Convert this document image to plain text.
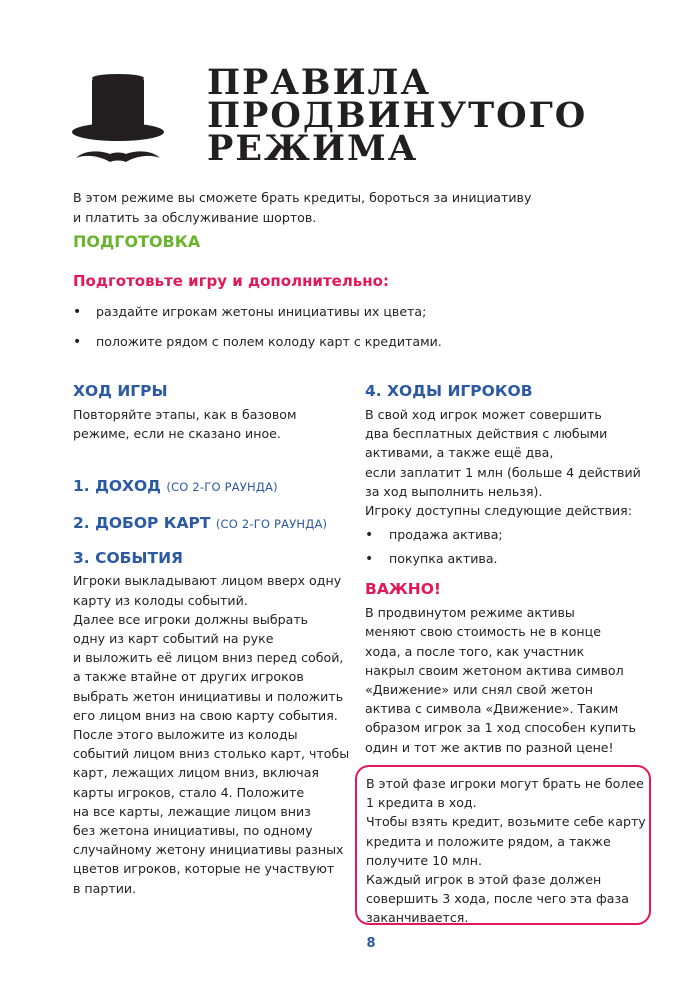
ПРАВИЛА
ПРОДВИНУТОГО
РЕЖИМА
В этом режиме вы сможете брать кредиты, бороться за инициативу
и платить за обслуживание шортов.
ПОДГОТОВКА
Подготовьте игру и дополнительно:
• раздайте игрокам жетоны инициативы их цвета;
• положите рядом с полем колоду карт с кредитами.
ХОД ИГРЫ
Повторяйте этапы, как в базовом
режиме, если не сказано иное.
1. ДОХОД (СО 2-ГО РАУНДА)
2. ДОБОР КАРТ (СО 2-ГО РАУНДА)
3. СОБЫТИЯ
Игроки выкладывают лицом вверх одну
карту из колоды событий.
Далее все игроки должны выбрать
одну из карт событий на руке
и выложить её лицом вниз перед собой,
а также втайне от других игроков
выбрать жетон инициативы и положить
его лицом вниз на свою карту события.
После этого выложите из колоды
событий лицом вниз столько карт, чтобы
карт, лежащих лицом вниз, включая
карты игроков, стало 4. Положите
на все карты, лежащие лицом вниз
без жетона инициативы, по одному
случайному жетону инициативы разных
цветов игроков, которые не участвуют
в партии.
4. ХОДЫ ИГРОКОВ
В свой ход игрок может совершить
два бесплатных действия с любыми
активами, а также ещё два,
если заплатит 1 млн (больше 4 действий
за ход выполнить нельзя).
Игроку доступны следующие действия:
• продажа актива;
• покупка актива.
ВАЖНО!
В продвинутом режиме активы
меняют свою стоимость не в конце
хода, а после того, как участник
накрыл своим жетоном актива символ
«Движение» или снял свой жетон
актива с символа «Движение». Таким
образом игрок за 1 ход способен купить
один и тот же актив по разной цене!
В этой фазе игроки могут брать не более
1 кредита в ход.
Чтобы взять кредит, возьмите себе карту
кредита и положите рядом, а также
получите 10 млн.
Каждый игрок в этой фазе должен
совершить 3 хода, после чего эта фаза
заканчивается.
8
